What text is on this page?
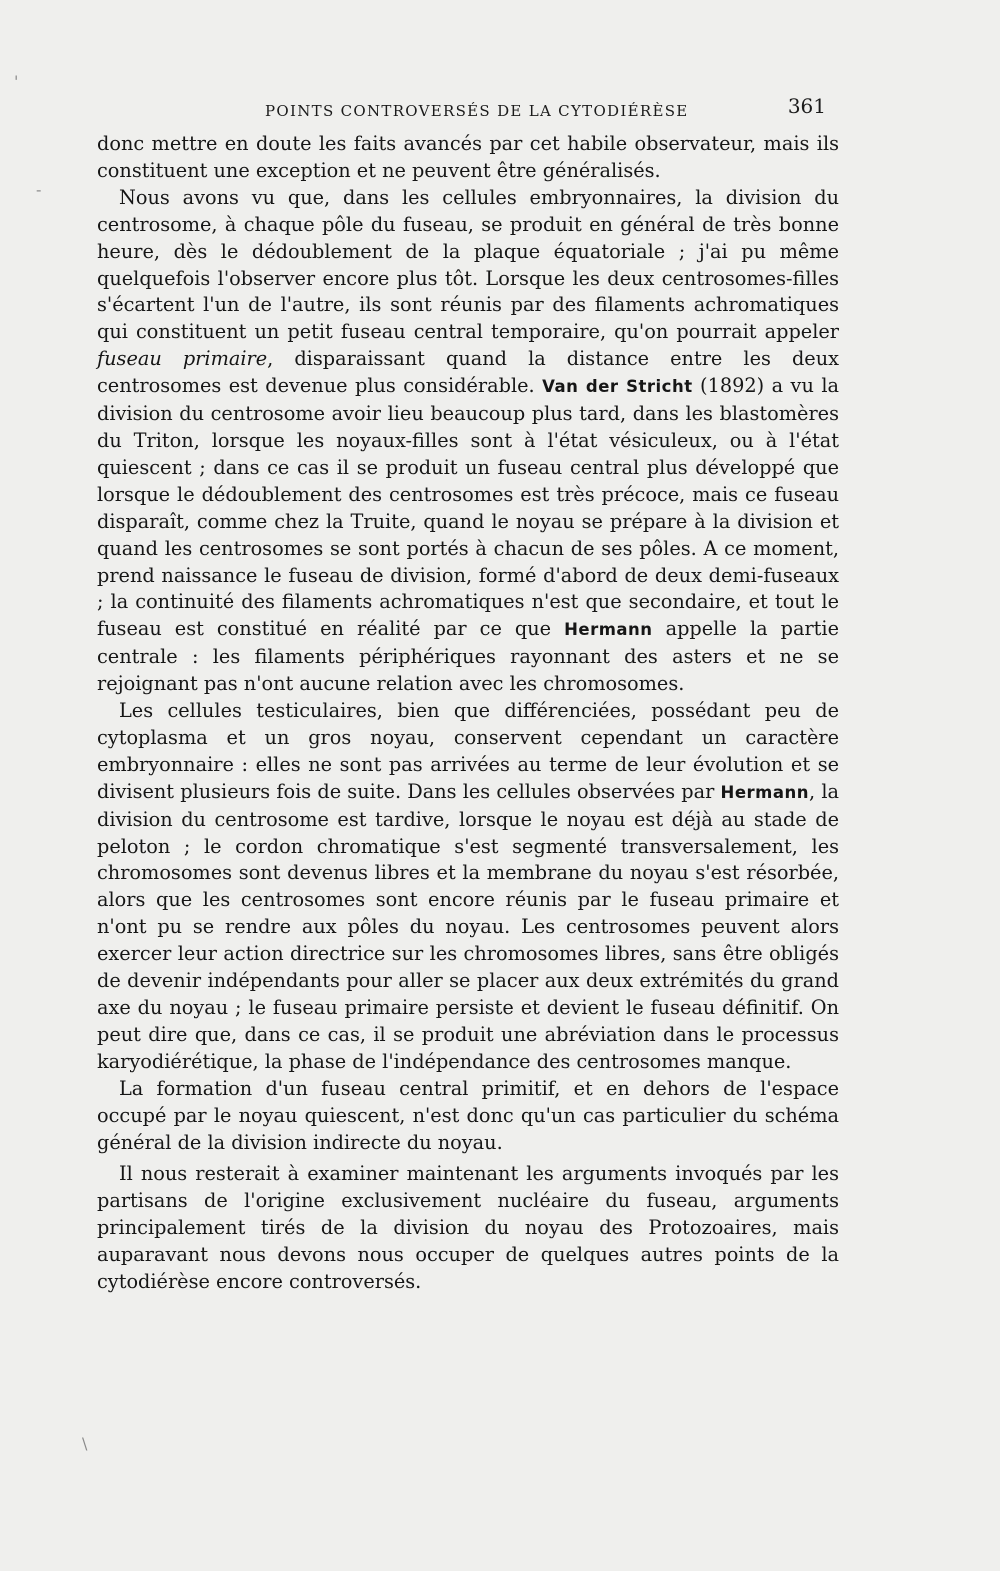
'
-
\
POINTS CONTROVERSÉS DE LA CYTODIÉRÈSE	361

donc mettre en doute les faits avancés par cet habile observateur, mais ils constituent une exception et ne peuvent être généralisés.

Nous avons vu que, dans les cellules embryonnaires, la division du centrosome, à chaque pôle du fuseau, se produit en général de très bonne heure, dès le dédoublement de la plaque équatoriale ; j'ai pu même quelquefois l'observer encore plus tôt. Lorsque les deux centrosomes-filles s'écartent l'un de l'autre, ils sont réunis par des filaments achromatiques qui constituent un petit fuseau central temporaire, qu'on pourrait appeler fuseau primaire, disparaissant quand la distance entre les deux centrosomes est devenue plus considérable. Van der Stricht (1892) a vu la division du centrosome avoir lieu beaucoup plus tard, dans les blastomères du Triton, lorsque les noyaux-filles sont à l'état vésiculeux, ou à l'état quiescent ; dans ce cas il se produit un fuseau central plus développé que lorsque le dédoublement des centrosomes est très précoce, mais ce fuseau disparaît, comme chez la Truite, quand le noyau se prépare à la division et quand les centrosomes se sont portés à chacun de ses pôles. A ce moment, prend naissance le fuseau de division, formé d'abord de deux demi-fuseaux ; la continuité des filaments achromatiques n'est que secondaire, et tout le fuseau est constitué en réalité par ce que Hermann appelle la partie centrale : les filaments périphériques rayonnant des asters et ne se rejoignant pas n'ont aucune relation avec les chromosomes.

Les cellules testiculaires, bien que différenciées, possédant peu de cytoplasma et un gros noyau, conservent cependant un caractère embryonnaire : elles ne sont pas arrivées au terme de leur évolution et se divisent plusieurs fois de suite. Dans les cellules observées par Hermann, la division du centrosome est tardive, lorsque le noyau est déjà au stade de peloton ; le cordon chromatique s'est segmenté transversalement, les chromosomes sont devenus libres et la membrane du noyau s'est résorbée, alors que les centrosomes sont encore réunis par le fuseau primaire et n'ont pu se rendre aux pôles du noyau. Les centrosomes peuvent alors exercer leur action directrice sur les chromosomes libres, sans être obligés de devenir indépendants pour aller se placer aux deux extrémités du grand axe du noyau ; le fuseau primaire persiste et devient le fuseau définitif. On peut dire que, dans ce cas, il se produit une abréviation dans le processus karyodiérétique, la phase de l'indépendance des centrosomes manque.

La formation d'un fuseau central primitif, et en dehors de l'espace occupé par le noyau quiescent, n'est donc qu'un cas particulier du schéma général de la division indirecte du noyau.

Il nous resterait à examiner maintenant les arguments invoqués par les partisans de l'origine exclusivement nucléaire du fuseau, arguments principalement tirés de la division du noyau des Protozoaires, mais auparavant nous devons nous occuper de quelques autres points de la cytodiérèse encore controversés.
